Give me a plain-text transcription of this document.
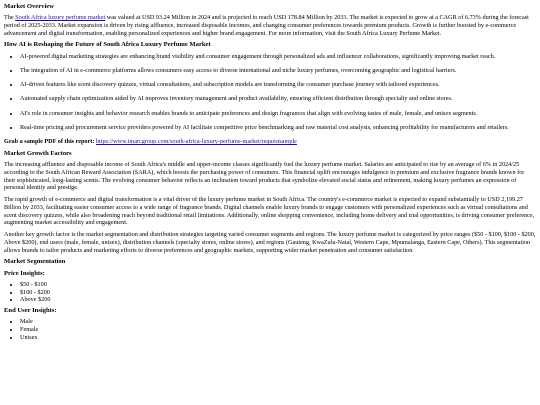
Market Overview

The South Africa luxury perfume market was valued at USD 93.24 Million in 2024 and is projected to reach USD 178.84 Million by 2033. The market is expected to grow at a CAGR of 6.73% during the forecast period of 2025-2033. Market expansion is driven by rising affluence, increased disposable incomes, and changing consumer preferences towards premium products. Growth is further boosted by e-commerce advancement and digital transformation, enabling personalized experiences and higher brand engagement. For more information, visit the South Africa Luxury Perfume Market.

How AI is Reshaping the Future of South Africa Luxury Perfume Market
• AI-powered digital marketing strategies are enhancing brand visibility and consumer engagement through personalized ads and influencer collaborations, significantly improving market reach.
• The integration of AI in e-commerce platforms allows consumers easy access to diverse international and niche luxury perfumes, overcoming geographic and logistical barriers.
• AI-driven features like scent discovery quizzes, virtual consultations, and subscription models are transforming the consumer purchase journey with tailored experiences.
• Automated supply chain optimization aided by AI improves inventory management and product availability, ensuring efficient distribution through specialty and online stores.
• AI's role in consumer insights and behavior research enables brands to anticipate preferences and design fragrances that align with evolving tastes of male, female, and unisex segments.
• Real-time pricing and procurement service providers powered by AI facilitate competitive price benchmarking and raw material cost analysis, enhancing profitability for manufacturers and retailers.

Grab a sample PDF of this report: https://www.imarcgroup.com/south-africa-luxury-perfume-market/requestsample

Market Growth Factors

The increasing affluence and disposable income of South Africa's middle and upper-income classes significantly fuel the luxury perfume market. Salaries are anticipated to rise by an average of 6% in 2024/25 according to the South African Reward Association (SARA), which boosts the purchasing power of consumers. This financial uplift encourages indulgence in premium and exclusive fragrance brands known for their sophisticated, long-lasting scents. The evolving consumer behavior reflects an inclination toward products that symbolize elevated social status and refinement, making luxury perfumes an expression of personal identity and prestige.

The rapid growth of e-commerce and digital transformation is a vital driver of the luxury perfume market in South Africa. The country's e-commerce market is expected to expand substantially to USD 2,199.27 Billion by 2033, facilitating easier consumer access to a wide range of fragrance brands. Digital channels enable luxury brands to engage customers with personalized experiences such as virtual consultations and scent discovery quizzes, while also broadening reach beyond traditional retail limitations. Additionally, online shopping convenience, including home delivery and trial opportunities, is driving consumer preference, augmenting market accessibility and engagement.

Another key growth factor is the market segmentation and distribution strategies targeting varied consumer segments and regions. The luxury perfume market is categorized by price ranges ($50 - $100, $100 - $200, Above $200), end users (male, female, unisex), distribution channels (specialty stores, online stores), and regions (Gauteng, KwaZulu-Natal, Western Cape, Mpumalanga, Eastern Cape, Others). This segmentation allows brands to tailor products and marketing efforts to diverse preferences and geographic markets, supporting wider market penetration and consumer satisfaction.

Market Segmentation
Price Insights:
• $50 - $100
• $100 - $200
• Above $200
End User Insights:
• Male
• Female
• Unisex
